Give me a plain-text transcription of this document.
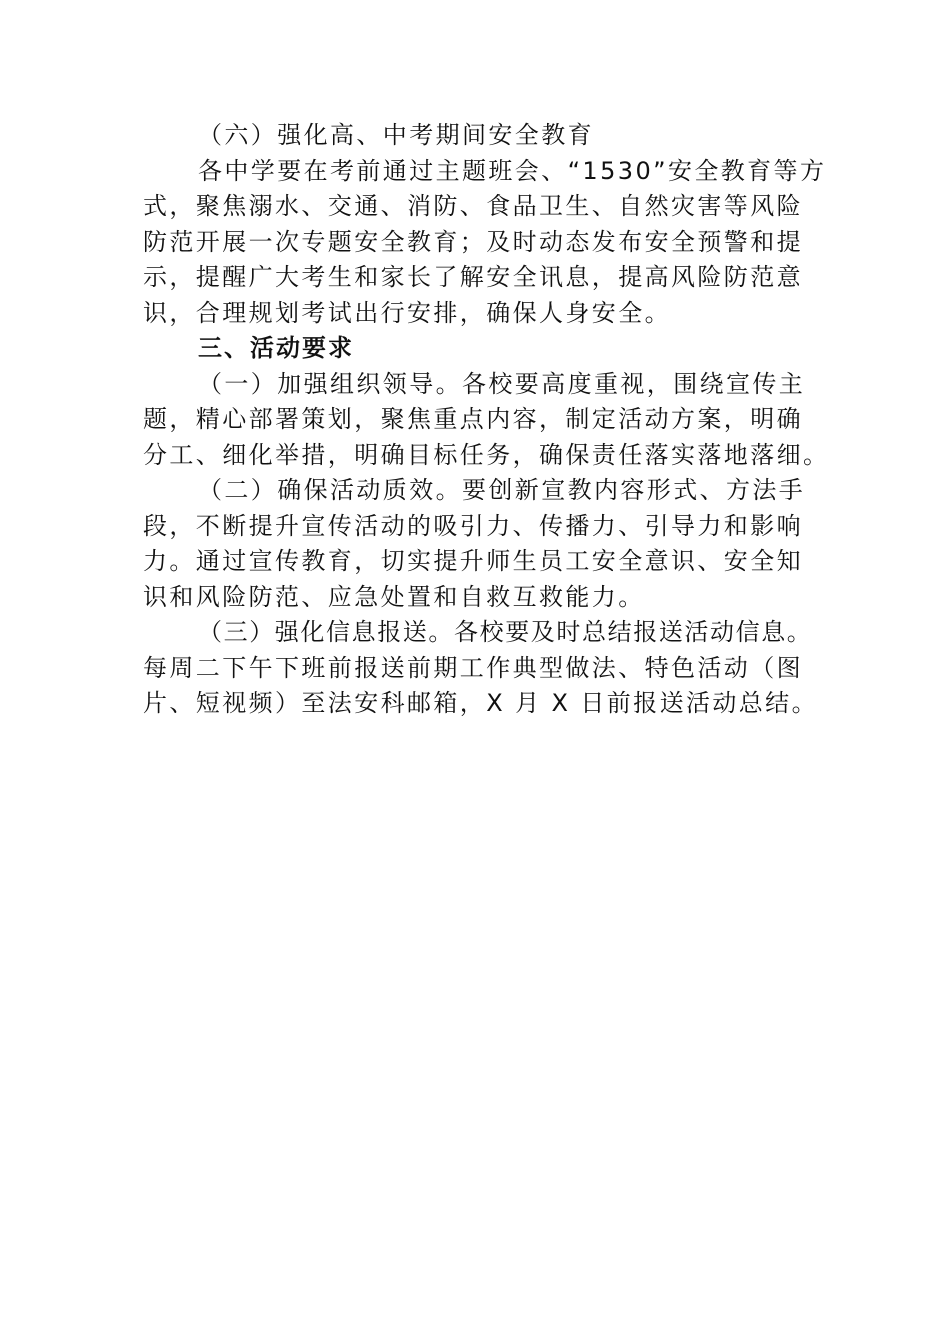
（六）强化高、中考期间安全教育

各中学要在考前通过主题班会、“1530”安全教育等方
式，聚焦溺水、交通、消防、食品卫生、自然灾害等风险
防范开展一次专题安全教育；及时动态发布安全预警和提
示，提醒广大考生和家长了解安全讯息，提高风险防范意
识，合理规划考试出行安排，确保人身安全。

三、活动要求

（一）加强组织领导。各校要高度重视，围绕宣传主
题，精心部署策划，聚焦重点内容，制定活动方案，明确
分工、细化举措，明确目标任务，确保责任落实落地落细。

（二）确保活动质效。要创新宣教内容形式、方法手
段，不断提升宣传活动的吸引力、传播力、引导力和影响
力。通过宣传教育，切实提升师生员工安全意识、安全知
识和风险防范、应急处置和自救互救能力。

（三）强化信息报送。各校要及时总结报送活动信息。
每周二下午下班前报送前期工作典型做法、特色活动（图
片、短视频）至法安科邮箱，X 月 X 日前报送活动总结。
